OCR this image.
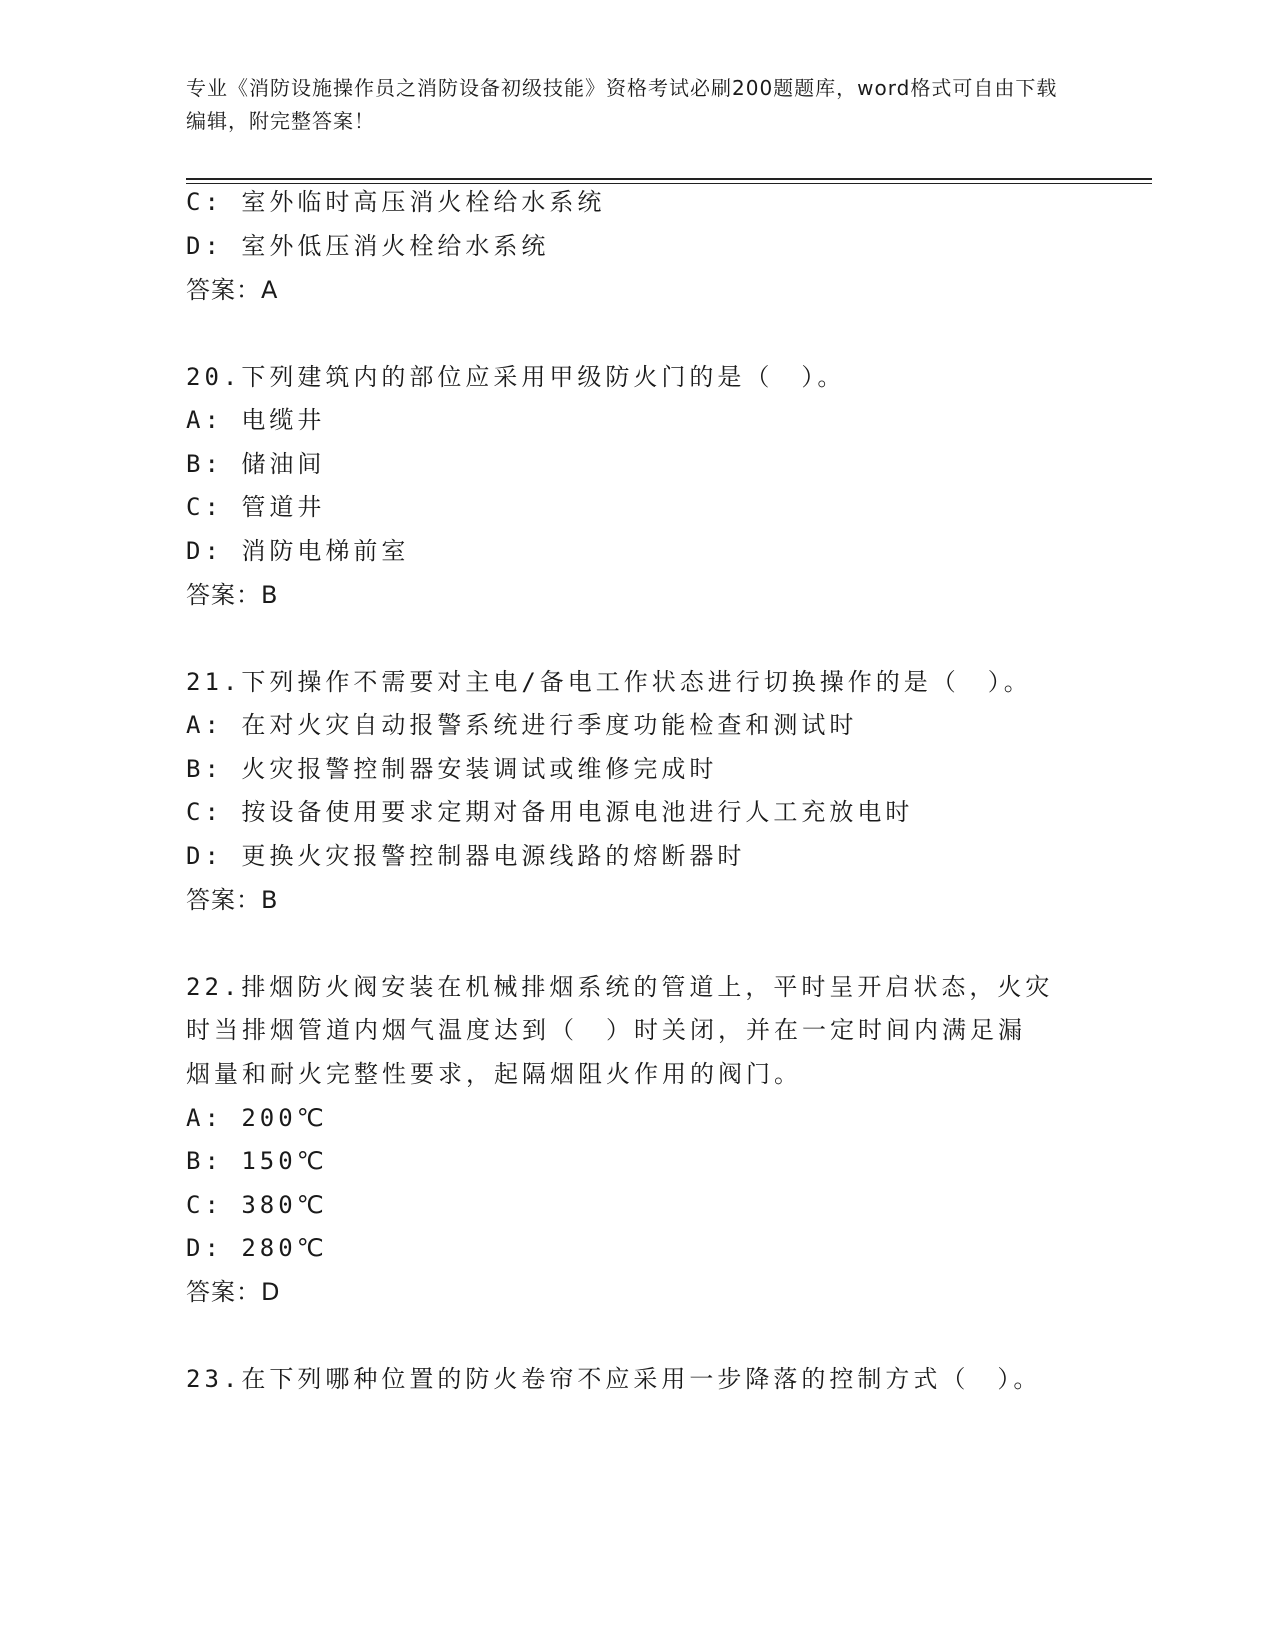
专业《消防设施操作员之消防设备初级技能》资格考试必刷200题题库，word格式可自由下载编辑，附完整答案！
C: 室外临时高压消火栓给水系统
D: 室外低压消火栓给水系统
答案：A
20.下列建筑内的部位应采用甲级防火门的是（　）。
A: 电缆井
B: 储油间
C: 管道井
D: 消防电梯前室
答案：B
21.下列操作不需要对主电/备电工作状态进行切换操作的是（　）。
A: 在对火灾自动报警系统进行季度功能检查和测试时
B: 火灾报警控制器安装调试或维修完成时
C: 按设备使用要求定期对备用电源电池进行人工充放电时
D: 更换火灾报警控制器电源线路的熔断器时
答案：B
22.排烟防火阀安装在机械排烟系统的管道上，平时呈开启状态，火灾
时当排烟管道内烟气温度达到（　）时关闭，并在一定时间内满足漏
烟量和耐火完整性要求，起隔烟阻火作用的阀门。
A: 200℃
B: 150℃
C: 380℃
D: 280℃
答案：D
23.在下列哪种位置的防火卷帘不应采用一步降落的控制方式（　）。
